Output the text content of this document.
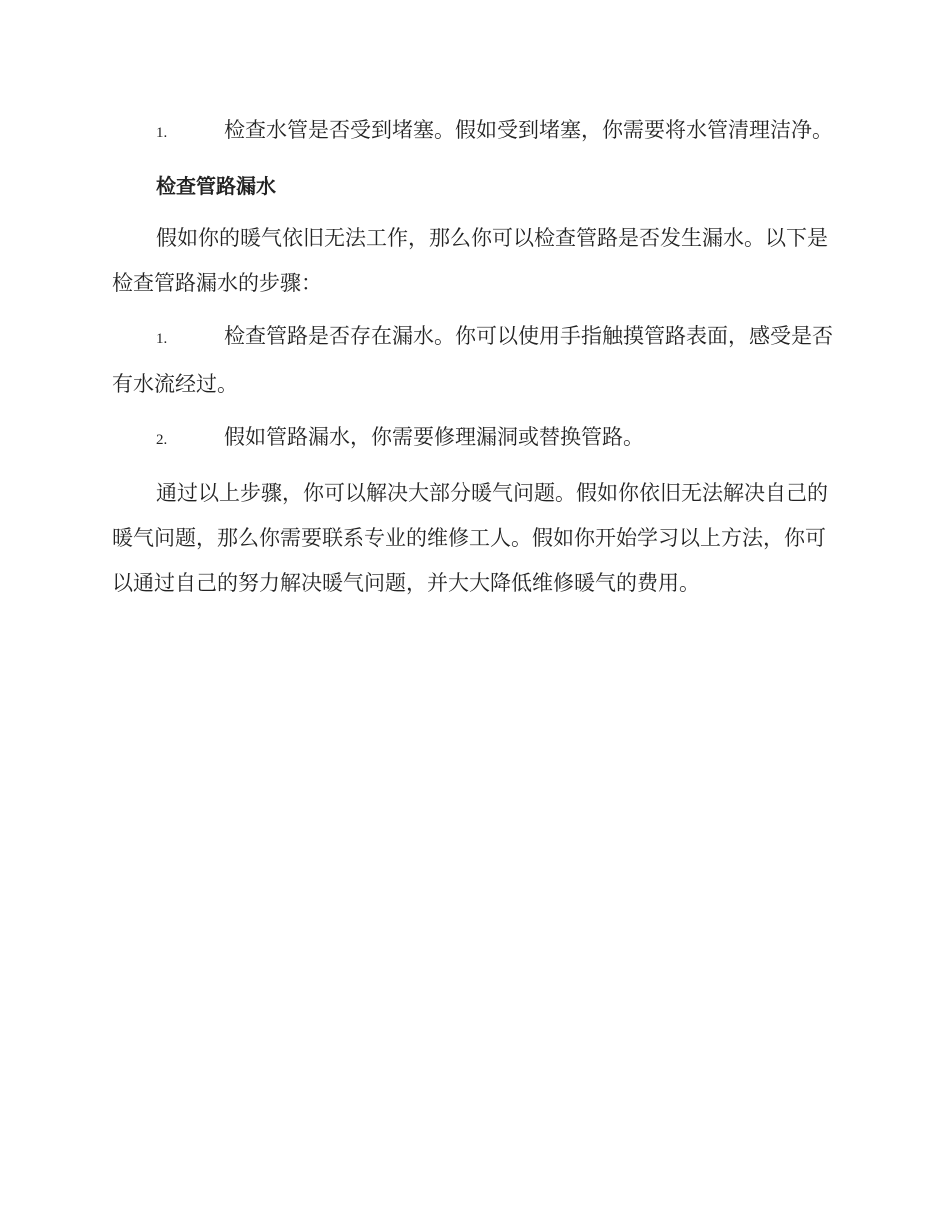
1.	检查水管是否受到堵塞。假如受到堵塞，你需要将水管清理洁净。

检查管路漏水

假如你的暖气依旧无法工作，那么你可以检查管路是否发生漏水。以下是检查管路漏水的步骤：

1.	检查管路是否存在漏水。你可以使用手指触摸管路表面，感受是否有水流经过。

2.	假如管路漏水，你需要修理漏洞或替换管路。

通过以上步骤，你可以解决大部分暖气问题。假如你依旧无法解决自己的暖气问题，那么你需要联系专业的维修工人。假如你开始学习以上方法，你可以通过自己的努力解决暖气问题，并大大降低维修暖气的费用。
